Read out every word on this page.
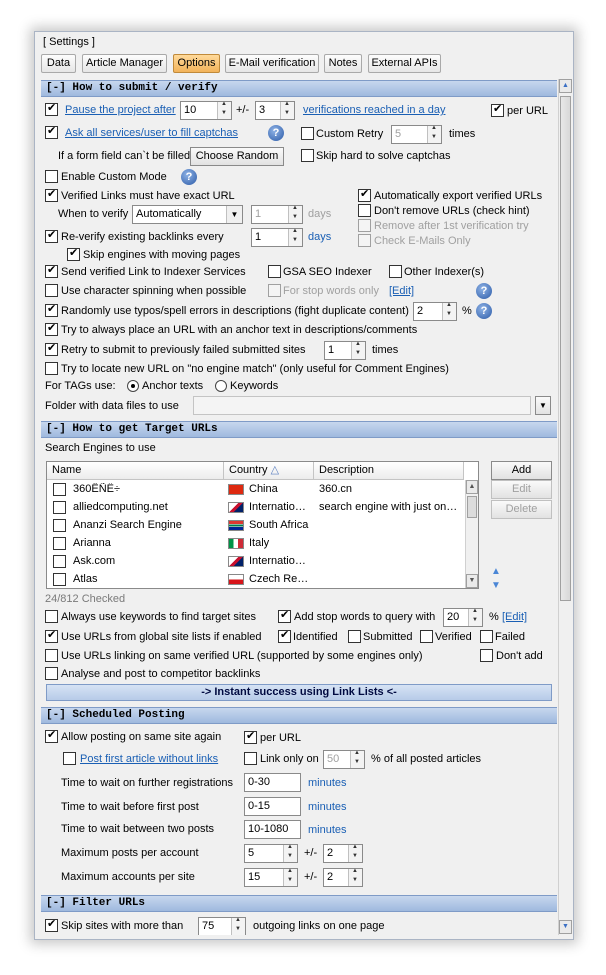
[ Settings ]
Data	Article Manager	Options	E-Mail verification	Notes	External APIs
[-] How to submit / verify
✔
Pause the project after 10 ▲ ▼	+/- 3 ▲ ▼	verifications reached in a day ✔	per URL
✔
Ask all services/user to fill captchas	?	Custom Retry 5 ▲ ▼	times
If a form field can`t be filled Choose Random	Skip hard to solve captchas
Enable Custom Mode	?
✔
Verified Links must have exact URL ✔	Automatically export verified URLs
When to verify Automatically	▼	1 ▲ ▼	days	Don't remove URLs (check hint)
Remove after 1st verification try
✔
Re-verify existing backlinks every	1 ▲ ▼	days	Check E-Mails Only
✔
Skip engines with moving pages
✔
Send verified Link to Indexer Services	GSA SEO Indexer	Other Indexer(s)
Use character spinning when possible	For stop words only [Edit]	?
✔
Randomly use typos/spell errors in descriptions (fight duplicate content) 2 ▲ ▼	% ?
✔
Try to always place an URL with an anchor text in descriptions/comments
✔
Retry to submit to previously failed submitted sites 1 ▲ ▼	times
Try to locate new URL on "no engine match" (only useful for Comment Engines)
For TAGs use: Anchor texts Keywords
Folder with data files to use	▼
[-] How to get Target URLs
Search Engines to use
Name	Country △	Description
360ÊÑË÷	China	360.cn
alliedcomputing.net	Internatio…	search engine with just on…
Ananzi Search Engine	South Africa
Arianna	Italy
Ask.com	Internatio…
Atlas	Czech Re…
▲
▼
Add
Edit
Delete
▲
▼
24/812 Checked
Always use keywords to find target sites ✔	Add stop words to query with 20 ▲ ▼	% [Edit]
✔
Use URLs from global site lists if enabled ✔	Identified Submitted Verified Failed
Use URLs linking on same verified URL (supported by some engines only)	Don't add
Analyse and post to competitor backlinks
-> Instant success using Link Lists <-
[-] Scheduled Posting
✔
Allow posting on same site again ✔	per URL
Post first article without links	Link only on 50 ▲ ▼	% of all posted articles
Time to wait on further registrations	0-30	minutes
Time to wait before first post	0-15	minutes
Time to wait between two posts	10-1080	minutes
Maximum posts per account	5 ▲ ▼	+/- 2
▲ ▼
Maximum accounts per site	15 ▲ ▼	+/- 2
▲ ▼
[-] Filter URLs
✔
Skip sites with more than 75 ▲ ▼	outgoing links on one page
▲
▼
